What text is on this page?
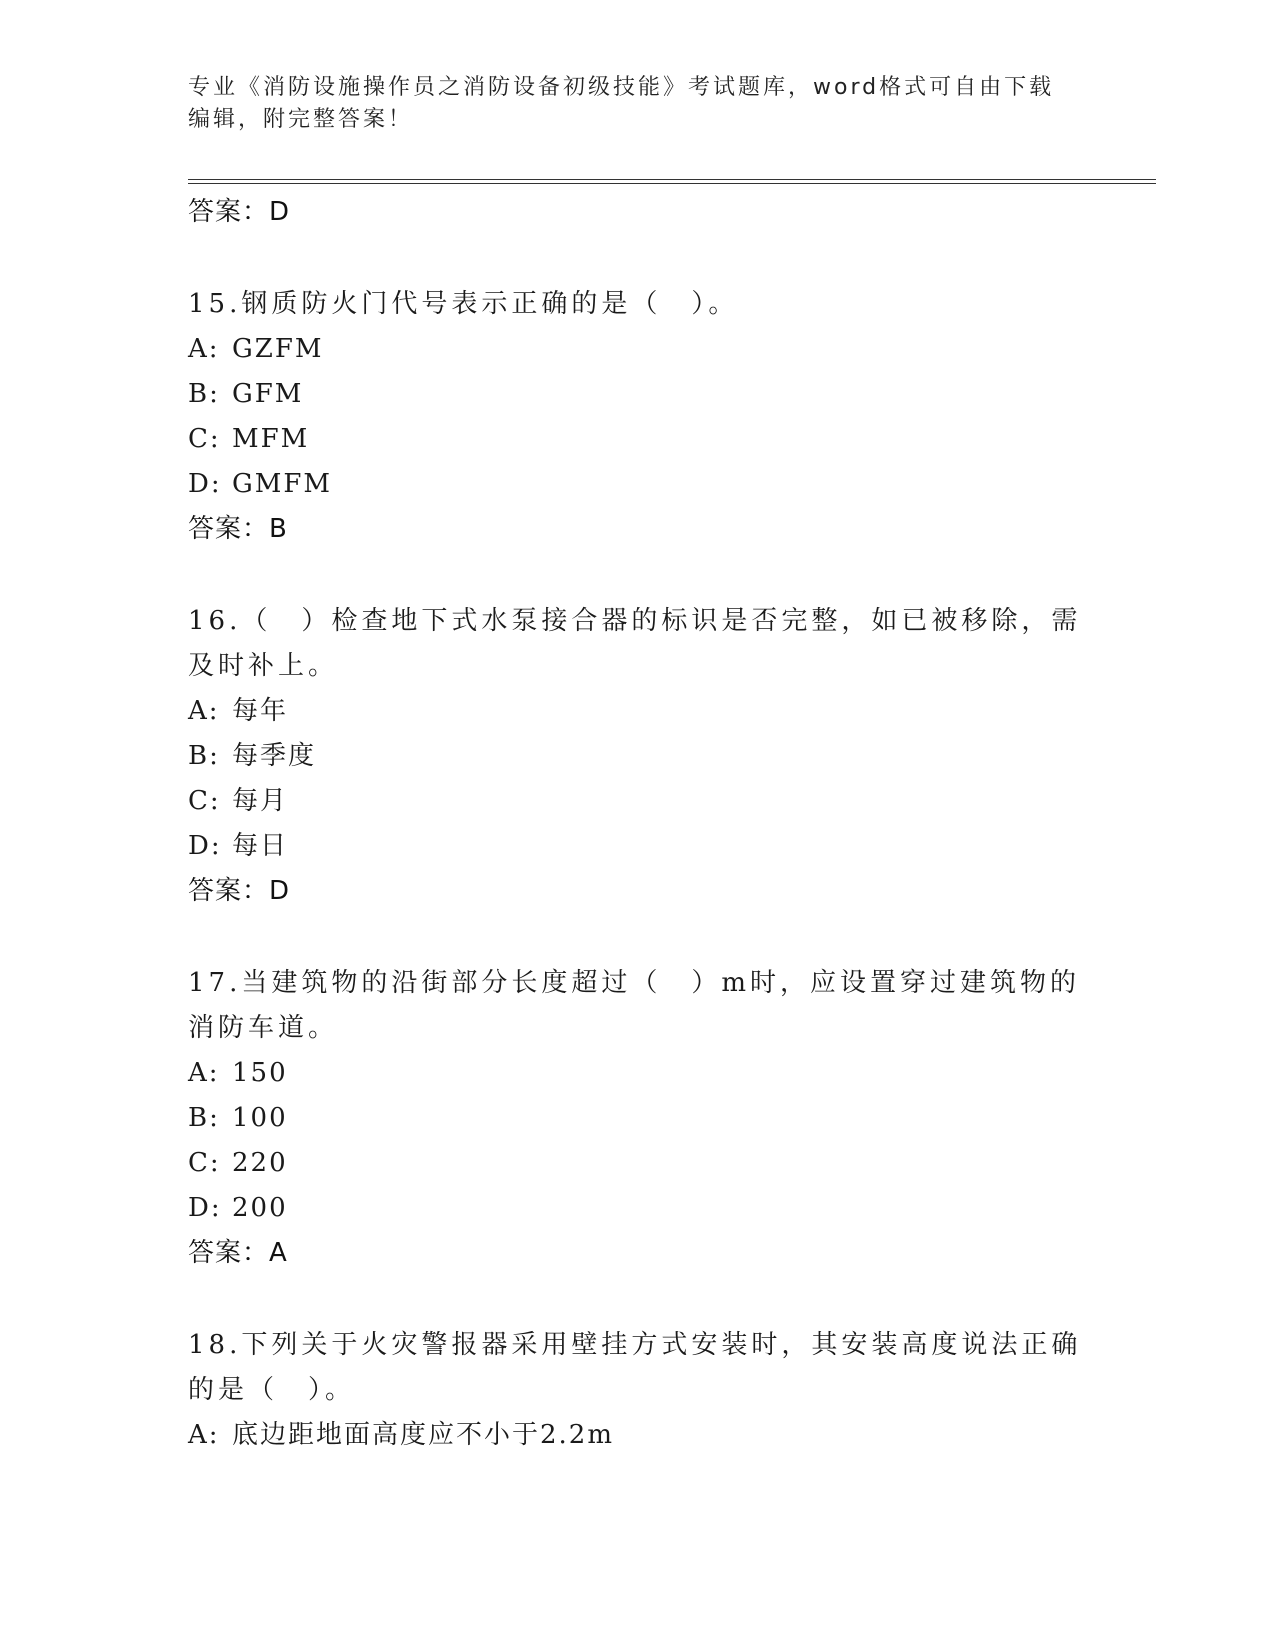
专业《消防设施操作员之消防设备初级技能》考试题库，word格式可自由下载编辑，附完整答案！

答案：D

15.钢质防火门代号表示正确的是（　）。

A: GZFM
B: GFM
C: MFM
D: GMFM

答案：B

16.（　）检查地下式水泵接合器的标识是否完整，如已被移除，需及时补上。

A: 每年
B: 每季度
C: 每月
D: 每日

答案：D

17.当建筑物的沿街部分长度超过（　）m时，应设置穿过建筑物的消防车道。

A: 150
B: 100
C: 220
D: 200

答案：A

18.下列关于火灾警报器采用壁挂方式安装时，其安装高度说法正确的是（　）。

A: 底边距地面高度应不小于2.2m
